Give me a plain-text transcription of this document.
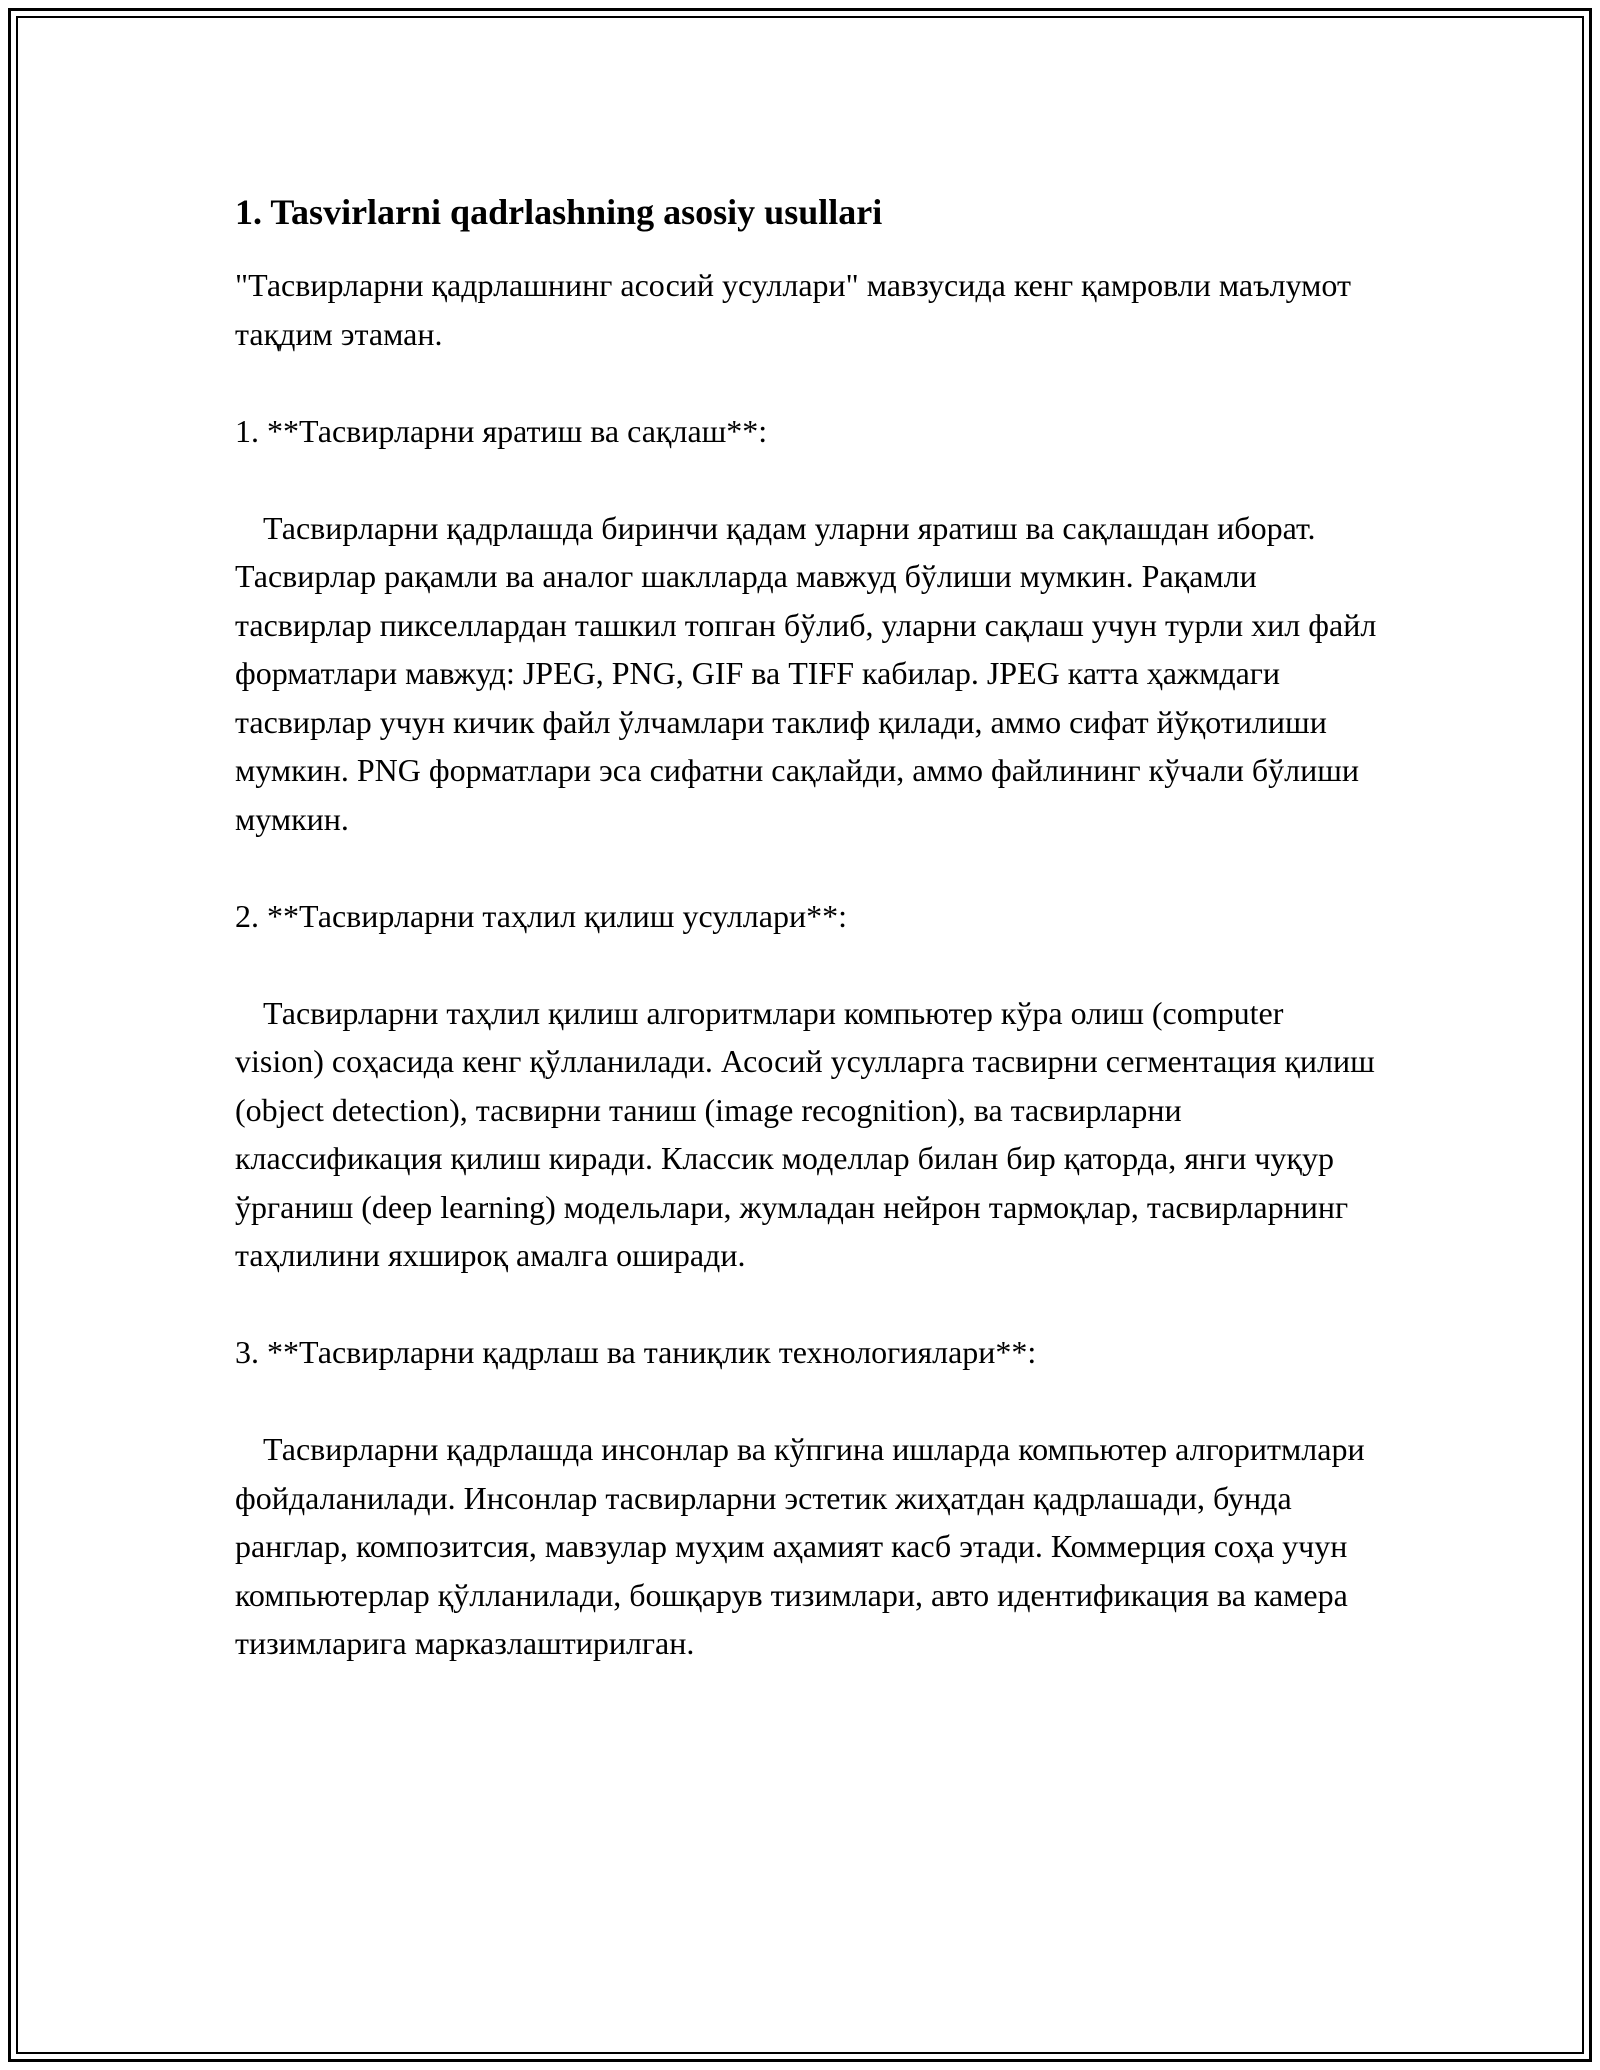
1. Tasvirlarni qadrlashning asosiy usullari

"Тасвирларни қадрлашнинг асосий усуллари" мавзусида кенг қамровли маълумот тақдим этаман.

1. **Тасвирларни яратиш ва сақлаш**:

Тасвирларни қадрлашда биринчи қадам уларни яратиш ва сақлашдан иборат. Тасвирлар рақамли ва аналог шаклларда мавжуд бўлиши мумкин. Рақамли тасвирлар пикселлардан ташкил топган бўлиб, уларни сақлаш учун турли хил файл форматлари мавжуд: JPEG, PNG, GIF ва TIFF кабилар. JPEG катта ҳажмдаги тасвирлар учун кичик файл ўлчамлари таклиф қилади, аммо сифат йўқотилиши мумкин. PNG форматлари эса сифатни сақлайди, аммо файлининг кўчали бўлиши мумкин.

2. **Тасвирларни таҳлил қилиш усуллари**:

Тасвирларни таҳлил қилиш алгоритмлари компьютер кўра олиш (computer vision) соҳасида кенг қўлланилади. Асосий усулларга тасвирни сегментация қилиш (object detection), тасвирни таниш (image recognition), ва тасвирларни классификация қилиш киради. Классик моделлар билан бир қаторда, янги чуқур ўрганиш (deep learning) модельлари, жумладан нейрон тармоқлар, тасвирларнинг таҳлилини яхшироқ амалга оширади.

3. **Тасвирларни қадрлаш ва таниқлик технологиялари**:

Тасвирларни қадрлашда инсонлар ва кўпгина ишларда компьютер алгоритмлари фойдаланилади. Инсонлар тасвирларни эстетик жиҳатдан қадрлашади, бунда ранглар, композитсия, мавзулар муҳим аҳамият касб этади. Коммерция соҳа учун компьютерлар қўлланилади, бошқарув тизимлари, авто идентификация ва камера тизимларига марказлаштирилган.
